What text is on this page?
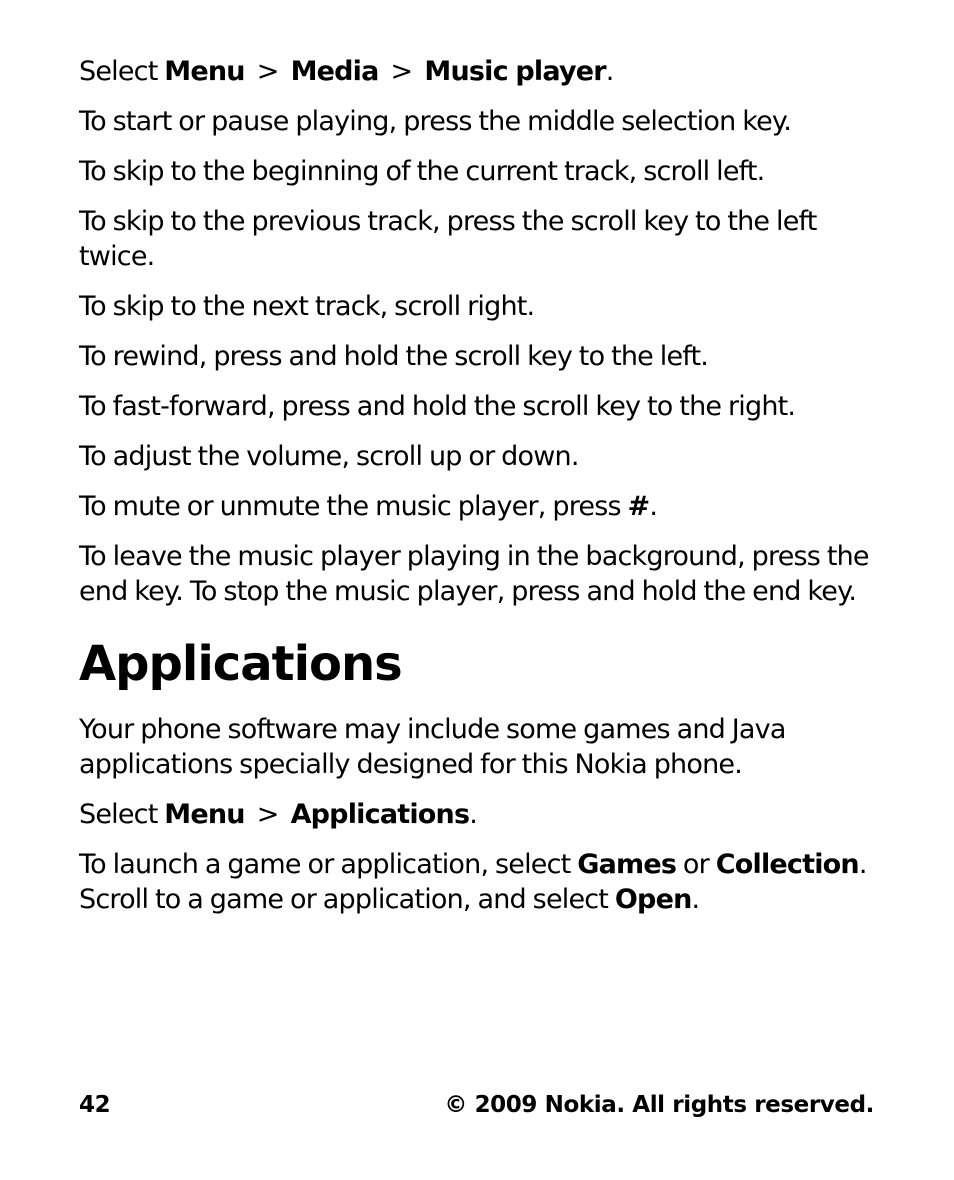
Select Menu > Media > Music player.

To start or pause playing, press the middle selection key.

To skip to the beginning of the current track, scroll left.

To skip to the previous track, press the scroll key to the left twice.

To skip to the next track, scroll right.

To rewind, press and hold the scroll key to the left.

To fast-forward, press and hold the scroll key to the right.

To adjust the volume, scroll up or down.

To mute or unmute the music player, press #.

To leave the music player playing in the background, press the end key. To stop the music player, press and hold the end key.

Applications

Your phone software may include some games and Java applications specially designed for this Nokia phone.

Select Menu > Applications.

To launch a game or application, select Games or Collection. Scroll to a game or application, and select Open.

42	© 2009 Nokia. All rights reserved.
